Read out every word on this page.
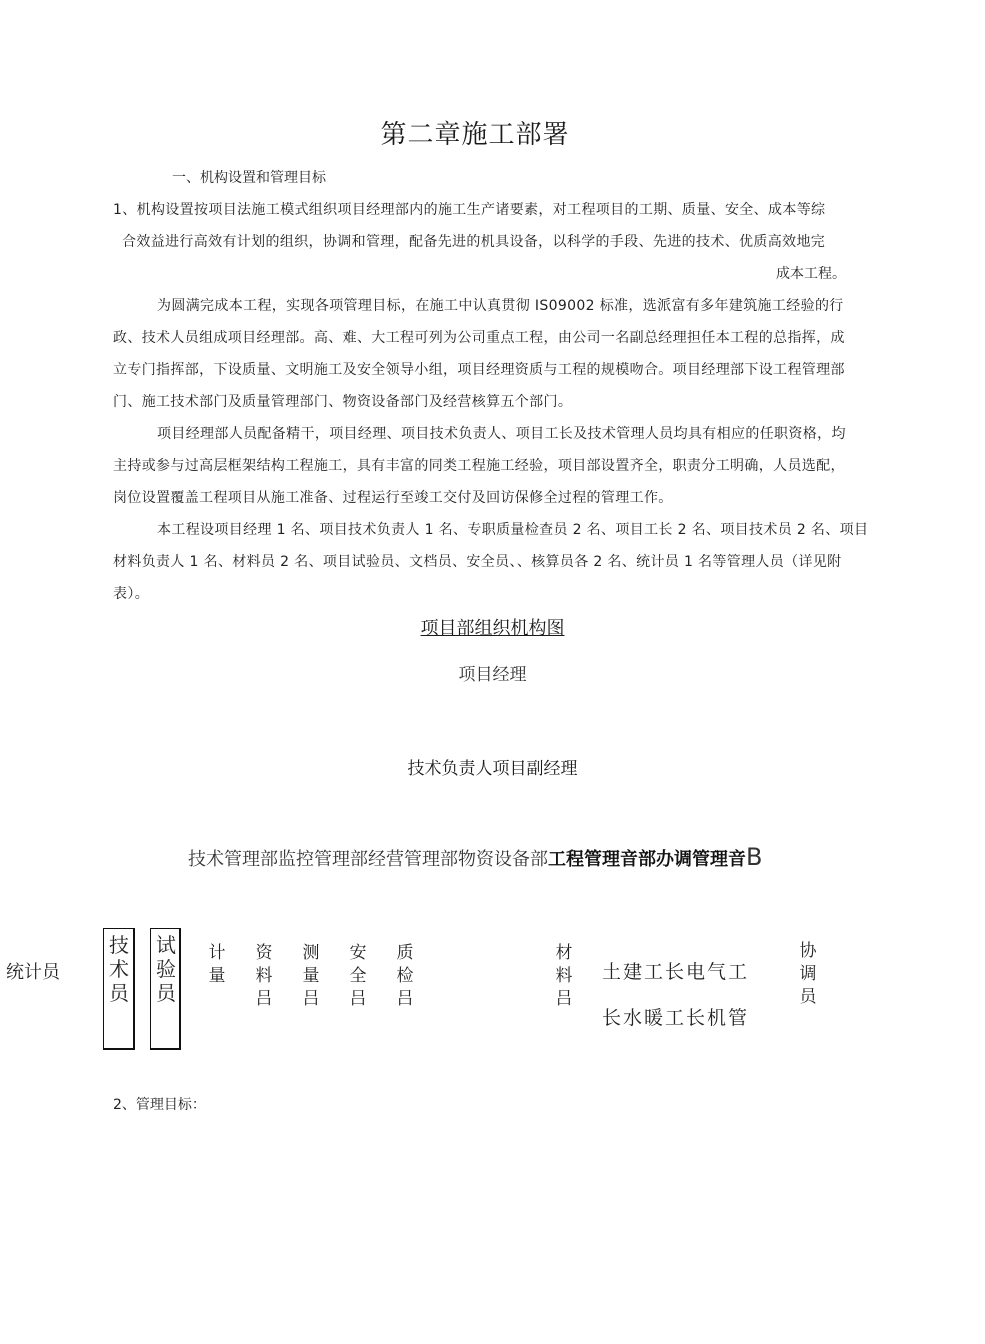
第二章施工部署
一、机构设置和管理目标
1、机构设置按项目法施工模式组织项目经理部内的施工生产诸要素，对工程项目的工期、质量、安全、成本等综
合效益进行高效有计划的组织，协调和管理，配备先进的机具设备，以科学的手段、先进的技术、优质高效地完
成本工程。
为圆满完成本工程，实现各项管理目标，在施工中认真贯彻 IS09002 标准，选派富有多年建筑施工经验的行
政、技术人员组成项目经理部。高、难、大工程可列为公司重点工程，由公司一名副总经理担任本工程的总指挥，成
立专门指挥部，下设质量、文明施工及安全领导小组，项目经理资质与工程的规模吻合。项目经理部下设工程管理部
门、施工技术部门及质量管理部门、物资设备部门及经营核算五个部门。
项目经理部人员配备精干，项目经理、项目技术负责人、项目工长及技术管理人员均具有相应的任职资格，均
主持或参与过高层框架结构工程施工，具有丰富的同类工程施工经验，项目部设置齐全，职责分工明确，人员选配，
岗位设置覆盖工程项目从施工准备、过程运行至竣工交付及回访保修全过程的管理工作。
本工程设项目经理 1 名、项目技术负责人 1 名、专职质量检查员 2 名、项目工长 2 名、项目技术员 2 名、项目
材料负责人 1 名、材料员 2 名、项目试验员、文档员、安全员、、核算员各 2 名、统计员 1 名等管理人员（详见附
表）。
项目部组织机构图
项目经理
技术负责人项目副经理
技术管理部监控管理部经营管理部物资设备部工程管理音部办调管理音B
统计员
技术员
试验员
计量
资料吕
测量吕
安全吕
质检吕
材料吕
土建工长电气工
长水暖工长机管
协调员
2、管理目标：
